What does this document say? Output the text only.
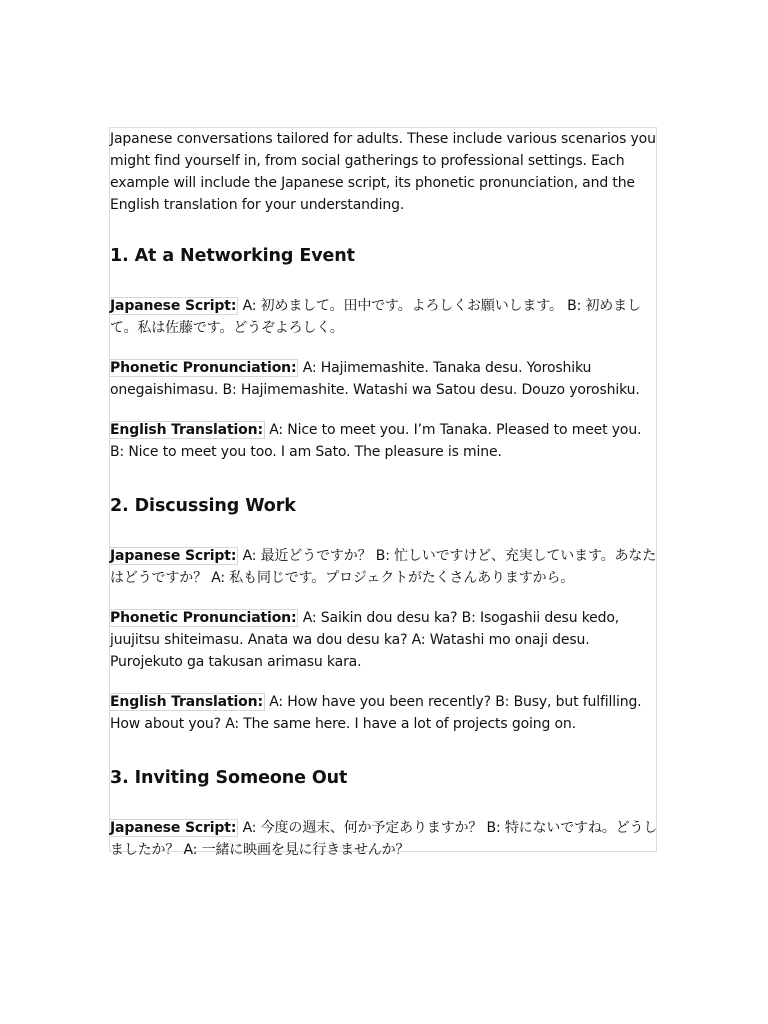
Japanese conversations tailored for adults. These include various scenarios you might find yourself in, from social gatherings to professional settings. Each example will include the Japanese script, its phonetic pronunciation, and the English translation for your understanding.

1. At a Networking Event

Japanese Script: A: 初めまして。田中です。よろしくお願いします。 B: 初めまして。私は佐藤です。どうぞよろしく。

Phonetic Pronunciation: A: Hajimemashite. Tanaka desu. Yoroshiku onegaishimasu. B: Hajimemashite. Watashi wa Satou desu. Douzo yoroshiku.

English Translation: A: Nice to meet you. I’m Tanaka. Pleased to meet you. B: Nice to meet you too. I am Sato. The pleasure is mine.

2. Discussing Work

Japanese Script: A: 最近どうですか？ B: 忙しいですけど、充実しています。あなたはどうですか？ A: 私も同じです。プロジェクトがたくさんありますから。

Phonetic Pronunciation: A: Saikin dou desu ka? B: Isogashii desu kedo, juujitsu shiteimasu. Anata wa dou desu ka? A: Watashi mo onaji desu. Purojekuto ga takusan arimasu kara.

English Translation: A: How have you been recently? B: Busy, but fulfilling. How about you? A: The same here. I have a lot of projects going on.

3. Inviting Someone Out

Japanese Script: A: 今度の週末、何か予定ありますか？ B: 特にないですね。どうしましたか？ A: 一緒に映画を見に行きませんか？
